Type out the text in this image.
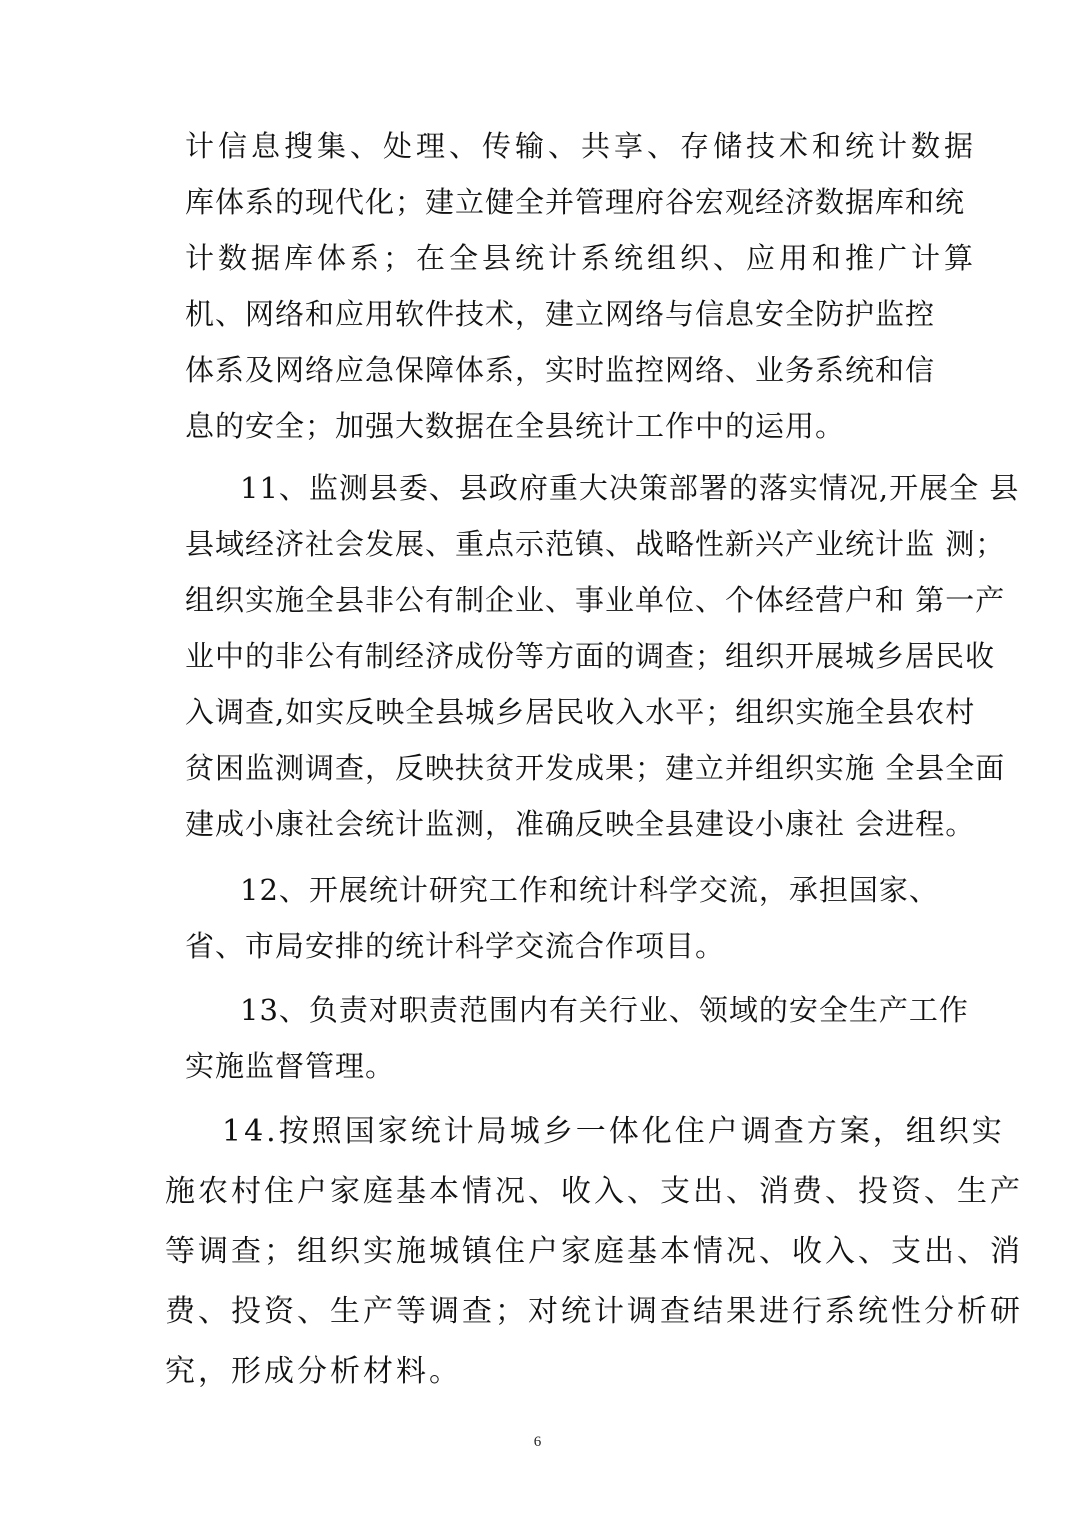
计信息搜集、处理、传输、共享、存储技术和统计数据
库体系的现代化；建立健全并管理府谷宏观经济数据库和统
计数据库体系；在全县统计系统组织、应用和推广计算
机、网络和应用软件技术，建立网络与信息安全防护监控
体系及网络应急保障体系，实时监控网络、业务系统和信
息的安全；加强大数据在全县统计工作中的运用。
11、监测县委、县政府重大决策部署的落实情况,开展全 县
县域经济社会发展、重点示范镇、战略性新兴产业统计监 测；
组织实施全县非公有制企业、事业单位、个体经营户和 第一产
业中的非公有制经济成份等方面的调查；组织开展城乡居民收
入调查,如实反映全县城乡居民收入水平；组织实施全县农村
贫困监测调查，反映扶贫开发成果；建立并组织实施 全县全面
建成小康社会统计监测，准确反映全县建设小康社 会进程。
12、开展统计研究工作和统计科学交流，承担国家、
省、市局安排的统计科学交流合作项目。
13、负责对职责范围内有关行业、领域的安全生产工作
实施监督管理。
14.按照国家统计局城乡一体化住户调查方案，组织实
施农村住户家庭基本情况、收入、支出、消费、投资、生产
等调查；组织实施城镇住户家庭基本情况、收入、支出、消
费、投资、生产等调查；对统计调查结果进行系统性分析研
究，形成分析材料。
6
